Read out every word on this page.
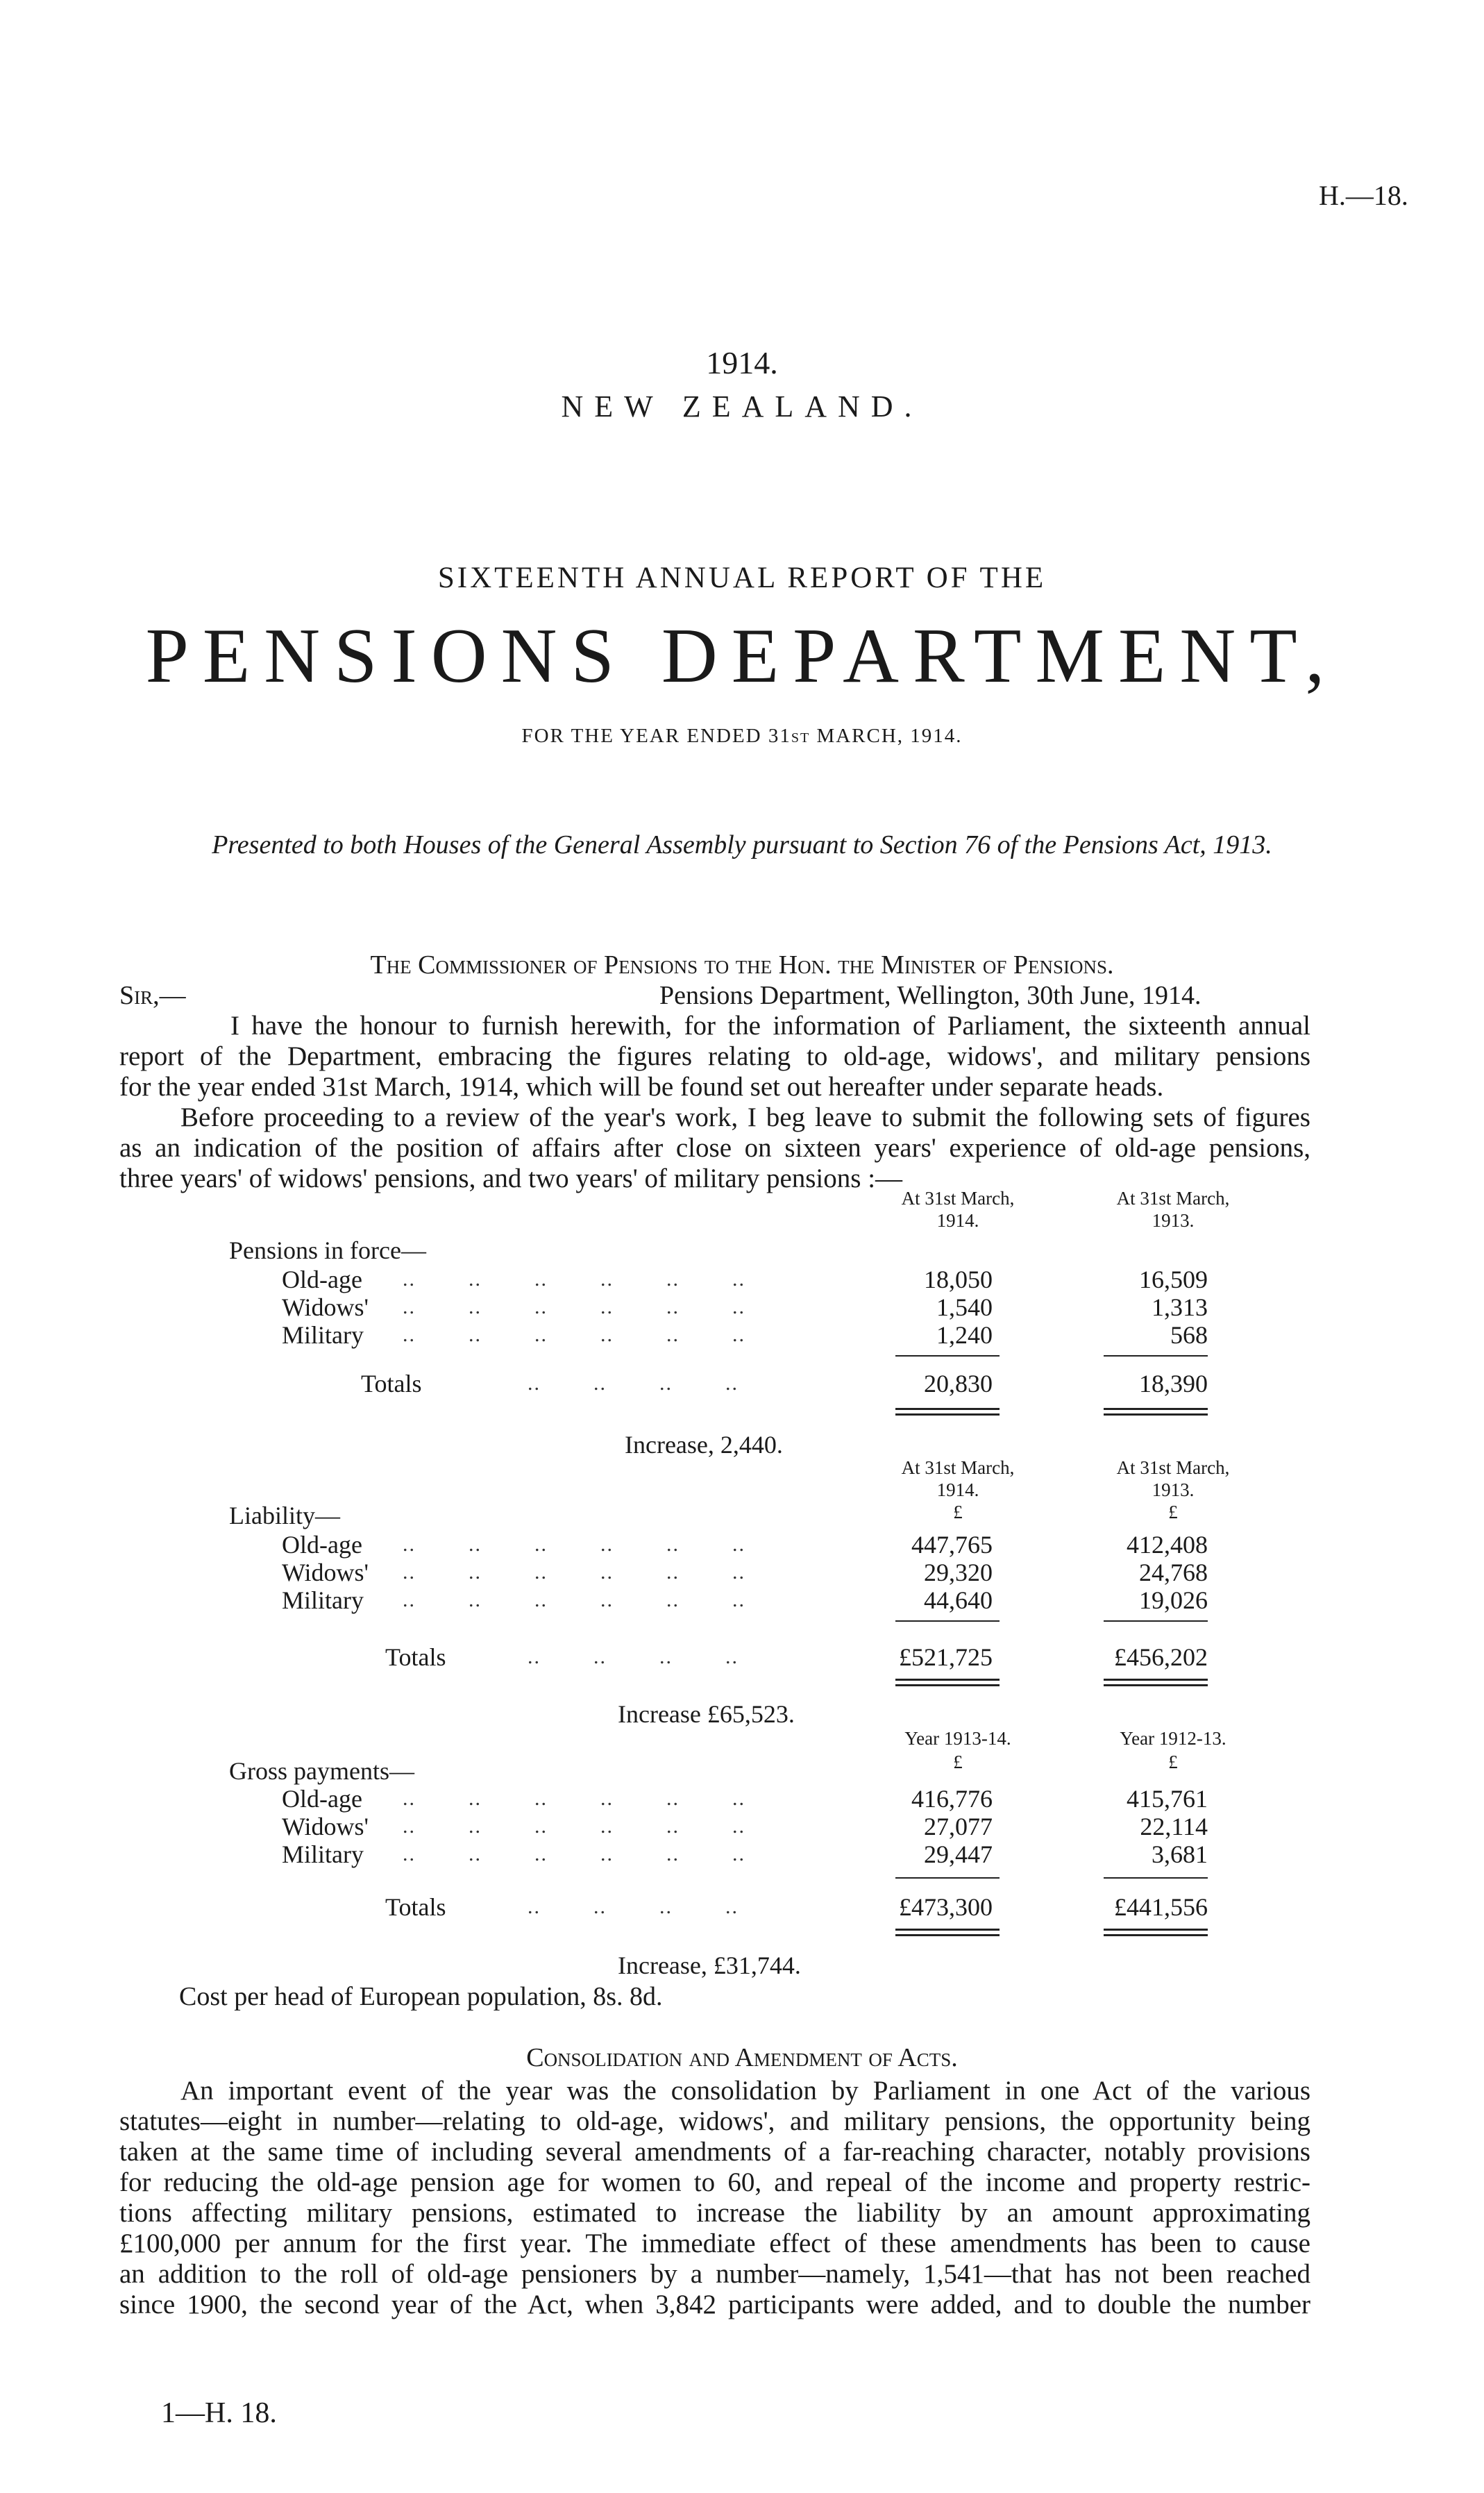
H.—18.
1914.
NEW ZEALAND.
SIXTEENTH ANNUAL REPORT OF THE
PENSIONS DEPARTMENT,
FOR THE YEAR ENDED 31ST MARCH, 1914.
Presented to both Houses of the General Assembly pursuant to Section 76 of the Pensions Act, 1913.
The Commissioner of Pensions to the Hon. the Minister of Pensions.
Sir,—	Pensions Department, Wellington, 30th June, 1914.
I have the honour to furnish herewith, for the information of Parliament, the sixteenth annual
report of the Department, embracing the figures relating to old-age, widows', and military pensions
for the year ended 31st March, 1914, which will be found set out hereafter under separate heads.
Before proceeding to a review of the year's work, I beg leave to submit the following sets of figures
as an indication of the position of affairs after close on sixteen years' experience of old-age pensions,
three years' of widows' pensions, and two years' of military pensions :—
At 31st March,
1914.
At 31st March,
1913.
Pensions in force—
Old-age ..        ..        ..        ..        ..        ..	18,050	16,509
Widows' ..        ..        ..        ..        ..        ..	1,540	1,313
Military ..        ..        ..        ..        ..        ..	1,240	568
Totals	..        ..        ..        ..	20,830	18,390
Increase, 2,440.
At 31st March,
1914.
At 31st March,
1913.
£	£
Liability—
Old-age ..        ..        ..        ..        ..        ..	447,765	412,408
Widows' ..        ..        ..        ..        ..        ..	29,320	24,768
Military ..        ..        ..        ..        ..        ..	44,640	19,026
Totals	..        ..        ..        ..	£521,725	£456,202
Increase £65,523.
Year 1913-14.	Year 1912-13.
£	£
Gross payments—
Old-age ..        ..        ..        ..        ..        ..	416,776	415,761
Widows' ..        ..        ..        ..        ..        ..	27,077	22,114
Military ..        ..        ..        ..        ..        ..	29,447	3,681
Totals	..        ..        ..        ..	£473,300	£441,556
Increase, £31,744.
Cost per head of European population, 8s. 8d.
Consolidation and Amendment of Acts.
An important event of the year was the consolidation by Parliament in one Act of the various
statutes—eight in number—relating to old-age, widows', and military pensions, the opportunity being
taken at the same time of including several amendments of a far-reaching character, notably provisions
for reducing the old-age pension age for women to 60, and repeal of the income and property restric-
tions affecting military pensions, estimated to increase the liability by an amount approximating
£100,000 per annum for the first year. The immediate effect of these amendments has been to cause
an addition to the roll of old-age pensioners by a number—namely, 1,541—that has not been reached
since 1900, the second year of the Act, when 3,842 participants were added, and to double the number
1—H. 18.
